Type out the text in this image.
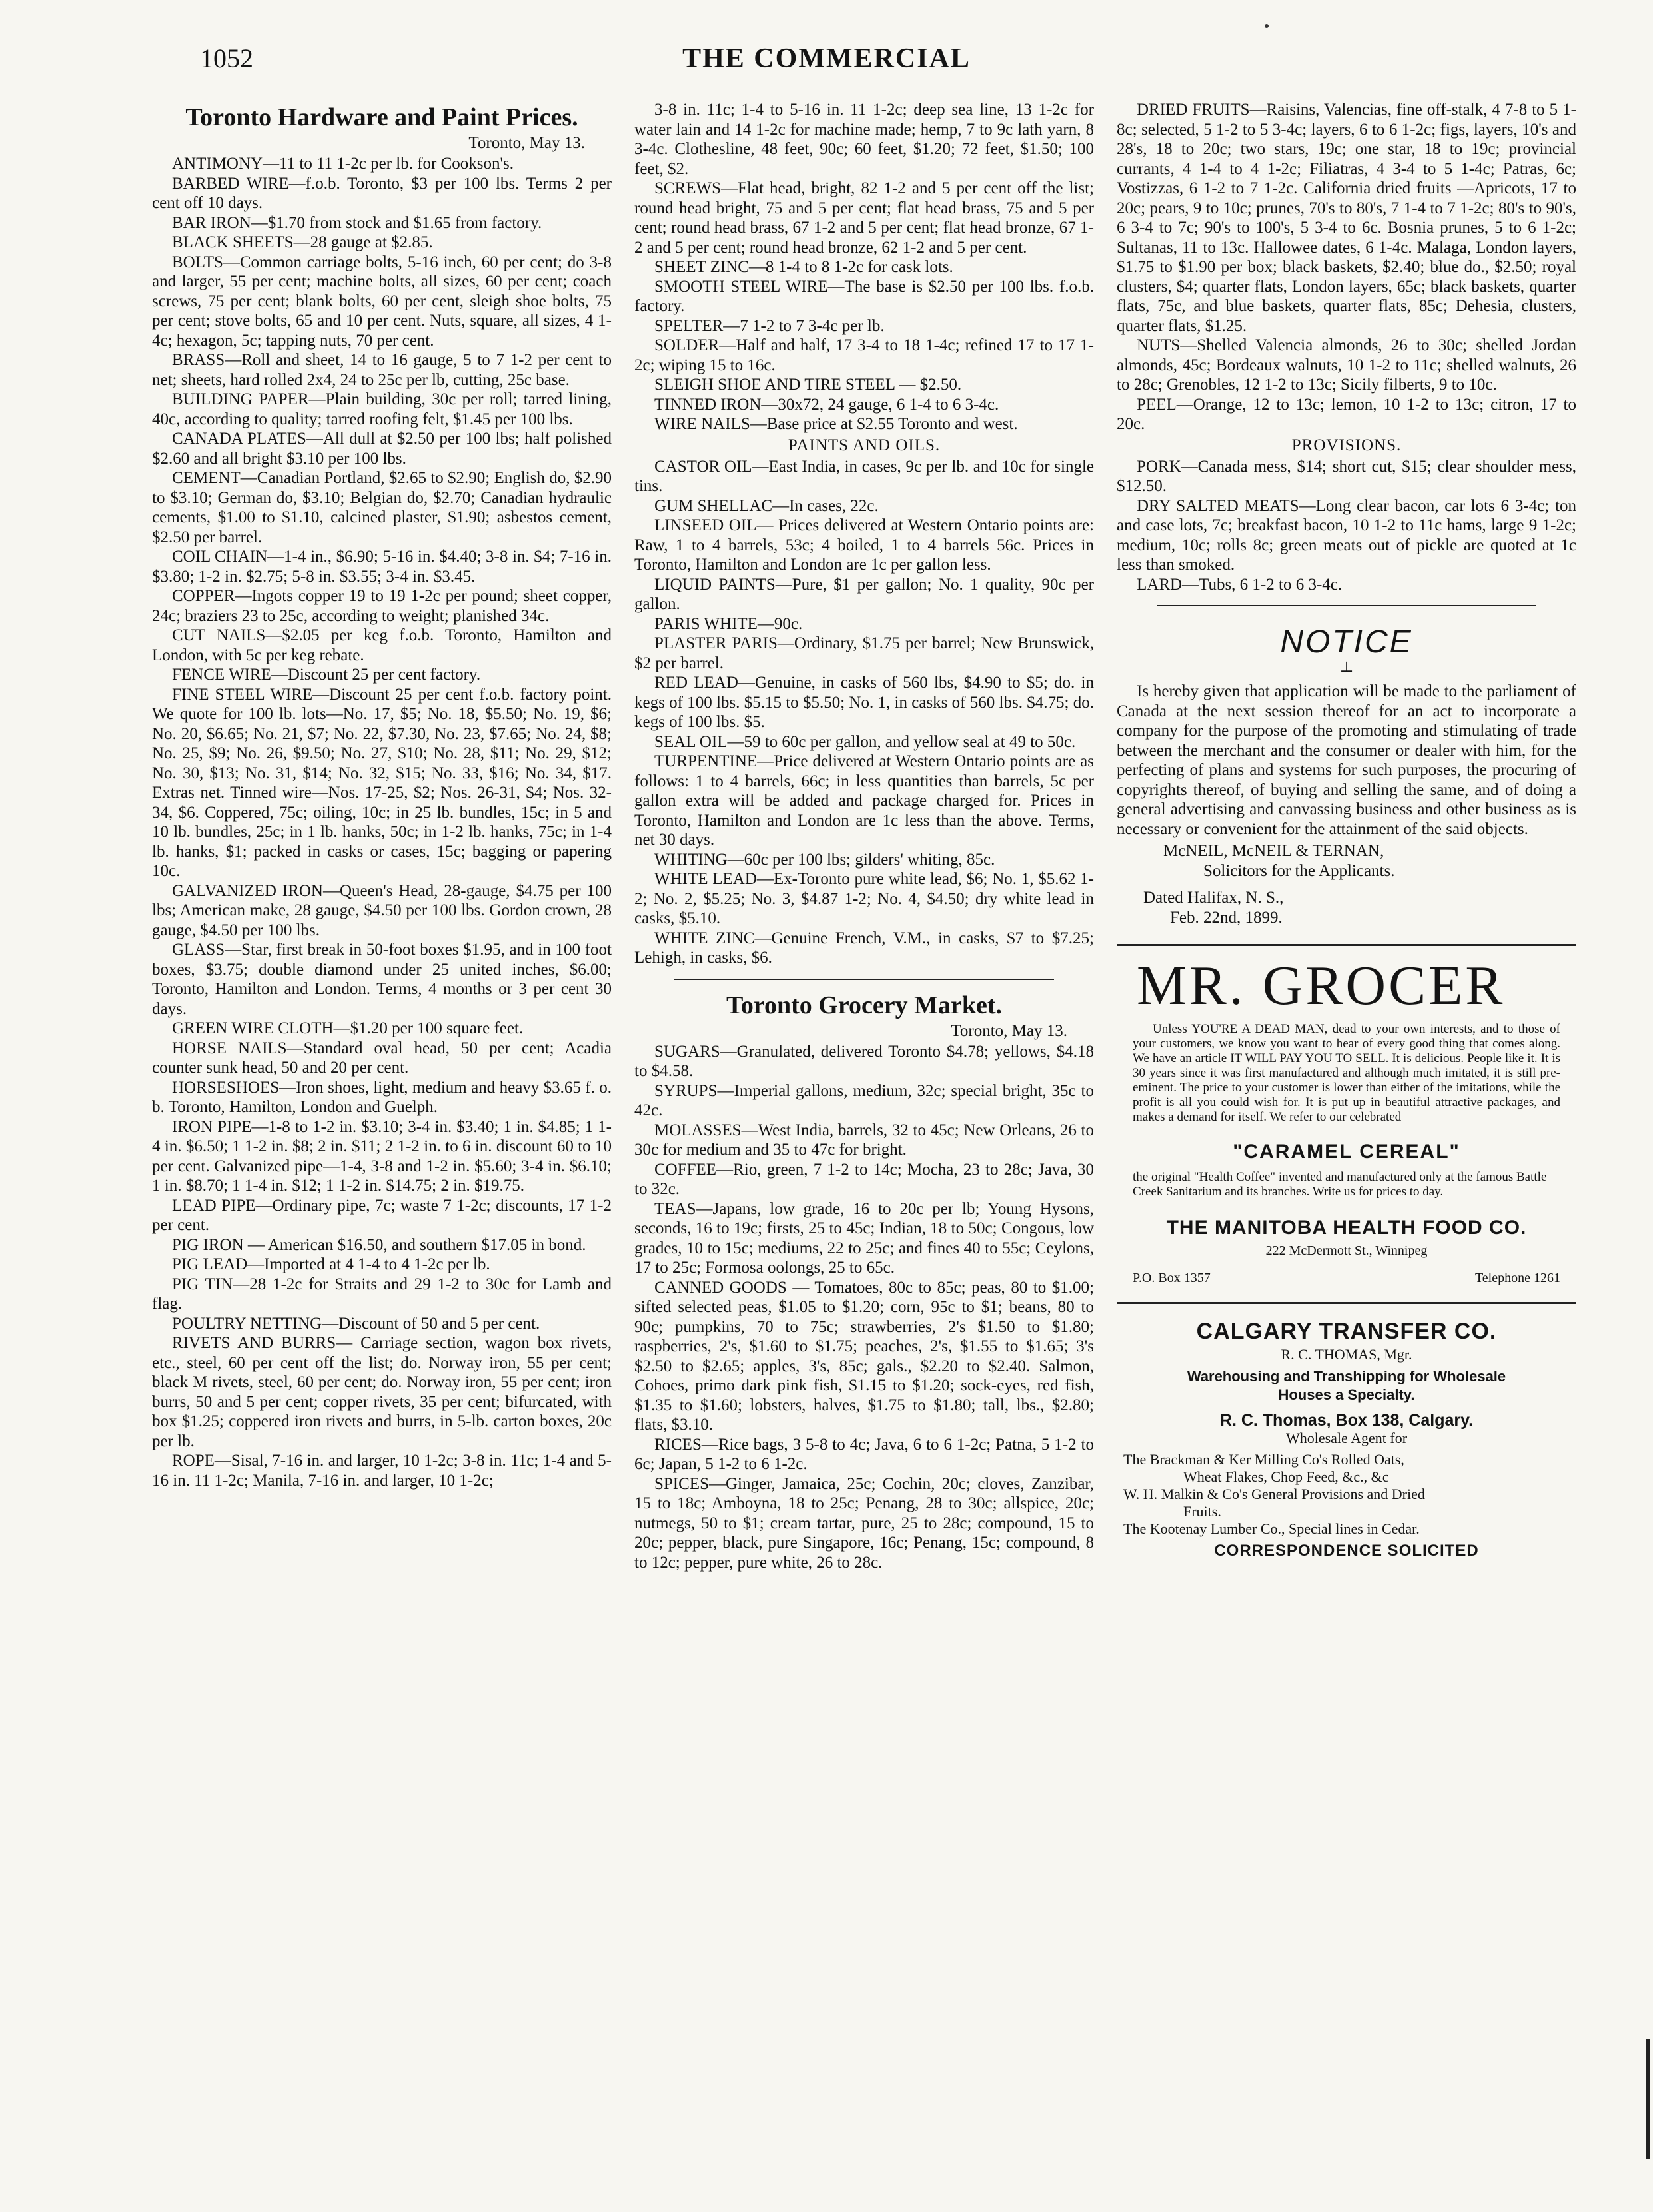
1052	THE COMMERCIAL
Toronto Hardware and Paint Prices.
Toronto, May 13.

ANTIMONY—11 to 11 1-2c per lb. for Cookson's.

BARBED WIRE—f.o.b. Toronto, $3 per 100 lbs. Terms 2 per cent off 10 days.

BAR IRON—$1.70 from stock and $1.65 from factory.

BLACK SHEETS—28 gauge at $2.85.

BOLTS—Common carriage bolts, 5-16 inch, 60 per cent; do 3-8 and larger, 55 per cent; machine bolts, all sizes, 60 per cent; coach screws, 75 per cent; blank bolts, 60 per cent, sleigh shoe bolts, 75 per cent; stove bolts, 65 and 10 per cent. Nuts, square, all sizes, 4 1-4c; hexagon, 5c; tapping nuts, 70 per cent.

BRASS—Roll and sheet, 14 to 16 gauge, 5 to 7 1-2 per cent to net; sheets, hard rolled 2x4, 24 to 25c per lb, cutting, 25c base.

BUILDING PAPER—Plain building, 30c per roll; tarred lining, 40c, according to quality; tarred roofing felt, $1.45 per 100 lbs.

CANADA PLATES—All dull at $2.50 per 100 lbs; half polished $2.60 and all bright $3.10 per 100 lbs.

CEMENT—Canadian Portland, $2.65 to $2.90; English do, $2.90 to $3.10; German do, $3.10; Belgian do, $2.70; Canadian hydraulic cements, $1.00 to $1.10, calcined plaster, $1.90; asbestos cement, $2.50 per barrel.

COIL CHAIN—1-4 in., $6.90; 5-16 in. $4.40; 3-8 in. $4; 7-16 in. $3.80; 1-2 in. $2.75; 5-8 in. $3.55; 3-4 in. $3.45.

COPPER—Ingots copper 19 to 19 1-2c per pound; sheet copper, 24c; braziers 23 to 25c, according to weight; planished 34c.

CUT NAILS—$2.05 per keg f.o.b. Toronto, Hamilton and London, with 5c per keg rebate.

FENCE WIRE—Discount 25 per cent factory.

FINE STEEL WIRE—Discount 25 per cent f.o.b. factory point. We quote for 100 lb. lots—No. 17, $5; No. 18, $5.50; No. 19, $6; No. 20, $6.65; No. 21, $7; No. 22, $7.30, No. 23, $7.65; No. 24, $8; No. 25, $9; No. 26, $9.50; No. 27, $10; No. 28, $11; No. 29, $12; No. 30, $13; No. 31, $14; No. 32, $15; No. 33, $16; No. 34, $17. Extras net. Tinned wire—Nos. 17-25, $2; Nos. 26-31, $4; Nos. 32-34, $6. Coppered, 75c; oiling, 10c; in 25 lb. bundles, 15c; in 5 and 10 lb. bundles, 25c; in 1 lb. hanks, 50c; in 1-2 lb. hanks, 75c; in 1-4 lb. hanks, $1; packed in casks or cases, 15c; bagging or papering 10c.

GALVANIZED IRON—Queen's Head, 28-gauge, $4.75 per 100 lbs; American make, 28 gauge, $4.50 per 100 lbs. Gordon crown, 28 gauge, $4.50 per 100 lbs.

GLASS—Star, first break in 50-foot boxes $1.95, and in 100 foot boxes, $3.75; double diamond under 25 united inches, $6.00; Toronto, Hamilton and London. Terms, 4 months or 3 per cent 30 days.

GREEN WIRE CLOTH—$1.20 per 100 square feet.

HORSE NAILS—Standard oval head, 50 per cent; Acadia counter sunk head, 50 and 20 per cent.

HORSESHOES—Iron shoes, light, medium and heavy $3.65 f. o. b. Toronto, Hamilton, London and Guelph.

IRON PIPE—1-8 to 1-2 in. $3.10; 3-4 in. $3.40; 1 in. $4.85; 1 1-4 in. $6.50; 1 1-2 in. $8; 2 in. $11; 2 1-2 in. to 6 in. discount 60 to 10 per cent. Galvanized pipe—1-4, 3-8 and 1-2 in. $5.60; 3-4 in. $6.10; 1 in. $8.70; 1 1-4 in. $12; 1 1-2 in. $14.75; 2 in. $19.75.

LEAD PIPE—Ordinary pipe, 7c; waste 7 1-2c; discounts, 17 1-2 per cent.

PIG IRON — American $16.50, and southern $17.05 in bond.

PIG LEAD—Imported at 4 1-4 to 4 1-2c per lb.

PIG TIN—28 1-2c for Straits and 29 1-2 to 30c for Lamb and flag.

POULTRY NETTING—Discount of 50 and 5 per cent.

RIVETS AND BURRS— Carriage section, wagon box rivets, etc., steel, 60 per cent off the list; do. Norway iron, 55 per cent; black M rivets, steel, 60 per cent; do. Norway iron, 55 per cent; iron burrs, 50 and 5 per cent; copper rivets, 35 per cent; bifurcated, with box $1.25; coppered iron rivets and burrs, in 5-lb. carton boxes, 20c per lb.

ROPE—Sisal, 7-16 in. and larger, 10 1-2c; 3-8 in. 11c; 1-4 and 5-16 in. 11 1-2c; Manila, 7-16 in. and larger, 10 1-2c;

3-8 in. 11c; 1-4 to 5-16 in. 11 1-2c; deep sea line, 13 1-2c for water lain and 14 1-2c for machine made; hemp, 7 to 9c lath yarn, 8 3-4c. Clothesline, 48 feet, 90c; 60 feet, $1.20; 72 feet, $1.50; 100 feet, $2.

SCREWS—Flat head, bright, 82 1-2 and 5 per cent off the list; round head bright, 75 and 5 per cent; flat head brass, 75 and 5 per cent; round head brass, 67 1-2 and 5 per cent; flat head bronze, 67 1-2 and 5 per cent; round head bronze, 62 1-2 and 5 per cent.

SHEET ZINC—8 1-4 to 8 1-2c for cask lots.

SMOOTH STEEL WIRE—The base is $2.50 per 100 lbs. f.o.b. factory.

SPELTER—7 1-2 to 7 3-4c per lb.

SOLDER—Half and half, 17 3-4 to 18 1-4c; refined 17 to 17 1-2c; wiping 15 to 16c.

SLEIGH SHOE AND TIRE STEEL — $2.50.

TINNED IRON—30x72, 24 gauge, 6 1-4 to 6 3-4c.

WIRE NAILS—Base price at $2.55 Toronto and west.

PAINTS AND OILS.

CASTOR OIL—East India, in cases, 9c per lb. and 10c for single tins.

GUM SHELLAC—In cases, 22c.

LINSEED OIL— Prices delivered at Western Ontario points are: Raw, 1 to 4 barrels, 53c; 4 boiled, 1 to 4 barrels 56c. Prices in Toronto, Hamilton and London are 1c per gallon less.

LIQUID PAINTS—Pure, $1 per gallon; No. 1 quality, 90c per gallon.

PARIS WHITE—90c.

PLASTER PARIS—Ordinary, $1.75 per barrel; New Brunswick, $2 per barrel.

RED LEAD—Genuine, in casks of 560 lbs, $4.90 to $5; do. in kegs of 100 lbs. $5.15 to $5.50; No. 1, in casks of 560 lbs. $4.75; do. kegs of 100 lbs. $5.

SEAL OIL—59 to 60c per gallon, and yellow seal at 49 to 50c.

TURPENTINE—Price delivered at Western Ontario points are as follows: 1 to 4 barrels, 66c; in less quantities than barrels, 5c per gallon extra will be added and package charged for. Prices in Toronto, Hamilton and London are 1c less than the above. Terms, net 30 days.

WHITING—60c per 100 lbs; gilders' whiting, 85c.

WHITE LEAD—Ex-Toronto pure white lead, $6; No. 1, $5.62 1-2; No. 2, $5.25; No. 3, $4.87 1-2; No. 4, $4.50; dry white lead in casks, $5.10.

WHITE ZINC—Genuine French, V.M., in casks, $7 to $7.25; Lehigh, in casks, $6.

Toronto Grocery Market.
Toronto, May 13.

SUGARS—Granulated, delivered Toronto $4.78; yellows, $4.18 to $4.58.

SYRUPS—Imperial gallons, medium, 32c; special bright, 35c to 42c.

MOLASSES—West India, barrels, 32 to 45c; New Orleans, 26 to 30c for medium and 35 to 47c for bright.

COFFEE—Rio, green, 7 1-2 to 14c; Mocha, 23 to 28c; Java, 30 to 32c.

TEAS—Japans, low grade, 16 to 20c per lb; Young Hysons, seconds, 16 to 19c; firsts, 25 to 45c; Indian, 18 to 50c; Congous, low grades, 10 to 15c; mediums, 22 to 25c; and fines 40 to 55c; Ceylons, 17 to 25c; Formosa oolongs, 25 to 65c.

CANNED GOODS — Tomatoes, 80c to 85c; peas, 80 to $1.00; sifted selected peas, $1.05 to $1.20; corn, 95c to $1; beans, 80 to 90c; pumpkins, 70 to 75c; strawberries, 2's $1.50 to $1.80; raspberries, 2's, $1.60 to $1.75; peaches, 2's, $1.55 to $1.65; 3's $2.50 to $2.65; apples, 3's, 85c; gals., $2.20 to $2.40. Salmon, Cohoes, primo dark pink fish, $1.15 to $1.20; sock-eyes, red fish, $1.35 to $1.60; lobsters, halves, $1.75 to $1.80; tall, lbs., $2.80; flats, $3.10.

RICES—Rice bags, 3 5-8 to 4c; Java, 6 to 6 1-2c; Patna, 5 1-2 to 6c; Japan, 5 1-2 to 6 1-2c.

SPICES—Ginger, Jamaica, 25c; Cochin, 20c; cloves, Zanzibar, 15 to 18c; Amboyna, 18 to 25c; Penang, 28 to 30c; allspice, 20c; nutmegs, 50 to $1; cream tartar, pure, 25 to 28c; compound, 15 to 20c; pepper, black, pure Singapore, 16c; Penang, 15c; compound, 8 to 12c; pepper, pure white, 26 to 28c.

DRIED FRUITS—Raisins, Valencias, fine off-stalk, 4 7-8 to 5 1-8c; selected, 5 1-2 to 5 3-4c; layers, 6 to 6 1-2c; figs, layers, 10's and 28's, 18 to 20c; two stars, 19c; one star, 18 to 19c; provincial currants, 4 1-4 to 4 1-2c; Filiatras, 4 3-4 to 5 1-4c; Patras, 6c; Vostizzas, 6 1-2 to 7 1-2c. California dried fruits —Apricots, 17 to 20c; pears, 9 to 10c; prunes, 70's to 80's, 7 1-4 to 7 1-2c; 80's to 90's, 6 3-4 to 7c; 90's to 100's, 5 3-4 to 6c. Bosnia prunes, 5 to 6 1-2c; Sultanas, 11 to 13c. Hallowee dates, 6 1-4c. Malaga, London layers, $1.75 to $1.90 per box; black baskets, $2.40; blue do., $2.50; royal clusters, $4; quarter flats, London layers, 65c; black baskets, quarter flats, 75c, and blue baskets, quarter flats, 85c; Dehesia, clusters, quarter flats, $1.25.

NUTS—Shelled Valencia almonds, 26 to 30c; shelled Jordan almonds, 45c; Bordeaux walnuts, 10 1-2 to 11c; shelled walnuts, 26 to 28c; Grenobles, 12 1-2 to 13c; Sicily filberts, 9 to 10c.

PEEL—Orange, 12 to 13c; lemon, 10 1-2 to 13c; citron, 17 to 20c.

PROVISIONS.

PORK—Canada mess, $14; short cut, $15; clear shoulder mess, $12.50.

DRY SALTED MEATS—Long clear bacon, car lots 6 3-4c; ton and case lots, 7c; breakfast bacon, 10 1-2 to 11c hams, large 9 1-2c; medium, 10c; rolls 8c; green meats out of pickle are quoted at 1c less than smoked.

LARD—Tubs, 6 1-2 to 6 3-4c.

NOTICE
⊥

Is hereby given that application will be made to the parliament of Canada at the next session thereof for an act to incorporate a company for the purpose of the promoting and stimulating of trade between the merchant and the consumer or dealer with him, for the perfecting of plans and systems for such purposes, the procuring of copyrights thereof, of buying and selling the same, and of doing a general advertising and canvassing business and other business as is necessary or convenient for the attainment of the said objects.

McNEIL, McNEIL & TERNAN,
Solicitors for the Applicants.
Dated Halifax, N. S.,
Feb. 22nd, 1899.
MR. GROCER

Unless YOU'RE A DEAD MAN, dead to your own interests, and to those of your customers, we know you want to hear of every good thing that comes along. We have an article IT WILL PAY YOU TO SELL. It is delicious. People like it. It is 30 years since it was first manufactured and although much imitated, it is still pre-eminent. The price to your customer is lower than either of the imitations, while the profit is all you could wish for. It is put up in beautiful attractive packages, and makes a demand for itself. We refer to our celebrated

"CARAMEL CEREAL"

the original "Health Coffee" invented and manufactured only at the famous Battle Creek Sanitarium and its branches. Write us for prices to day.

THE MANITOBA HEALTH FOOD CO.

222 McDermott St., Winnipeg

P.O. Box 1357	Telephone 1261
CALGARY TRANSFER CO.

R. C. THOMAS, Mgr.

Warehousing and Transhipping for Wholesale

Houses a Specialty.

R. C. Thomas, Box 138, Calgary.

Wholesale Agent for

The Brackman & Ker Milling Co's Rolled Oats,
Wheat Flakes, Chop Feed, &c., &c
W. H. Malkin & Co's General Provisions and Dried
Fruits.
The Kootenay Lumber Co., Special lines in Cedar.
CORRESPONDENCE SOLICITED
